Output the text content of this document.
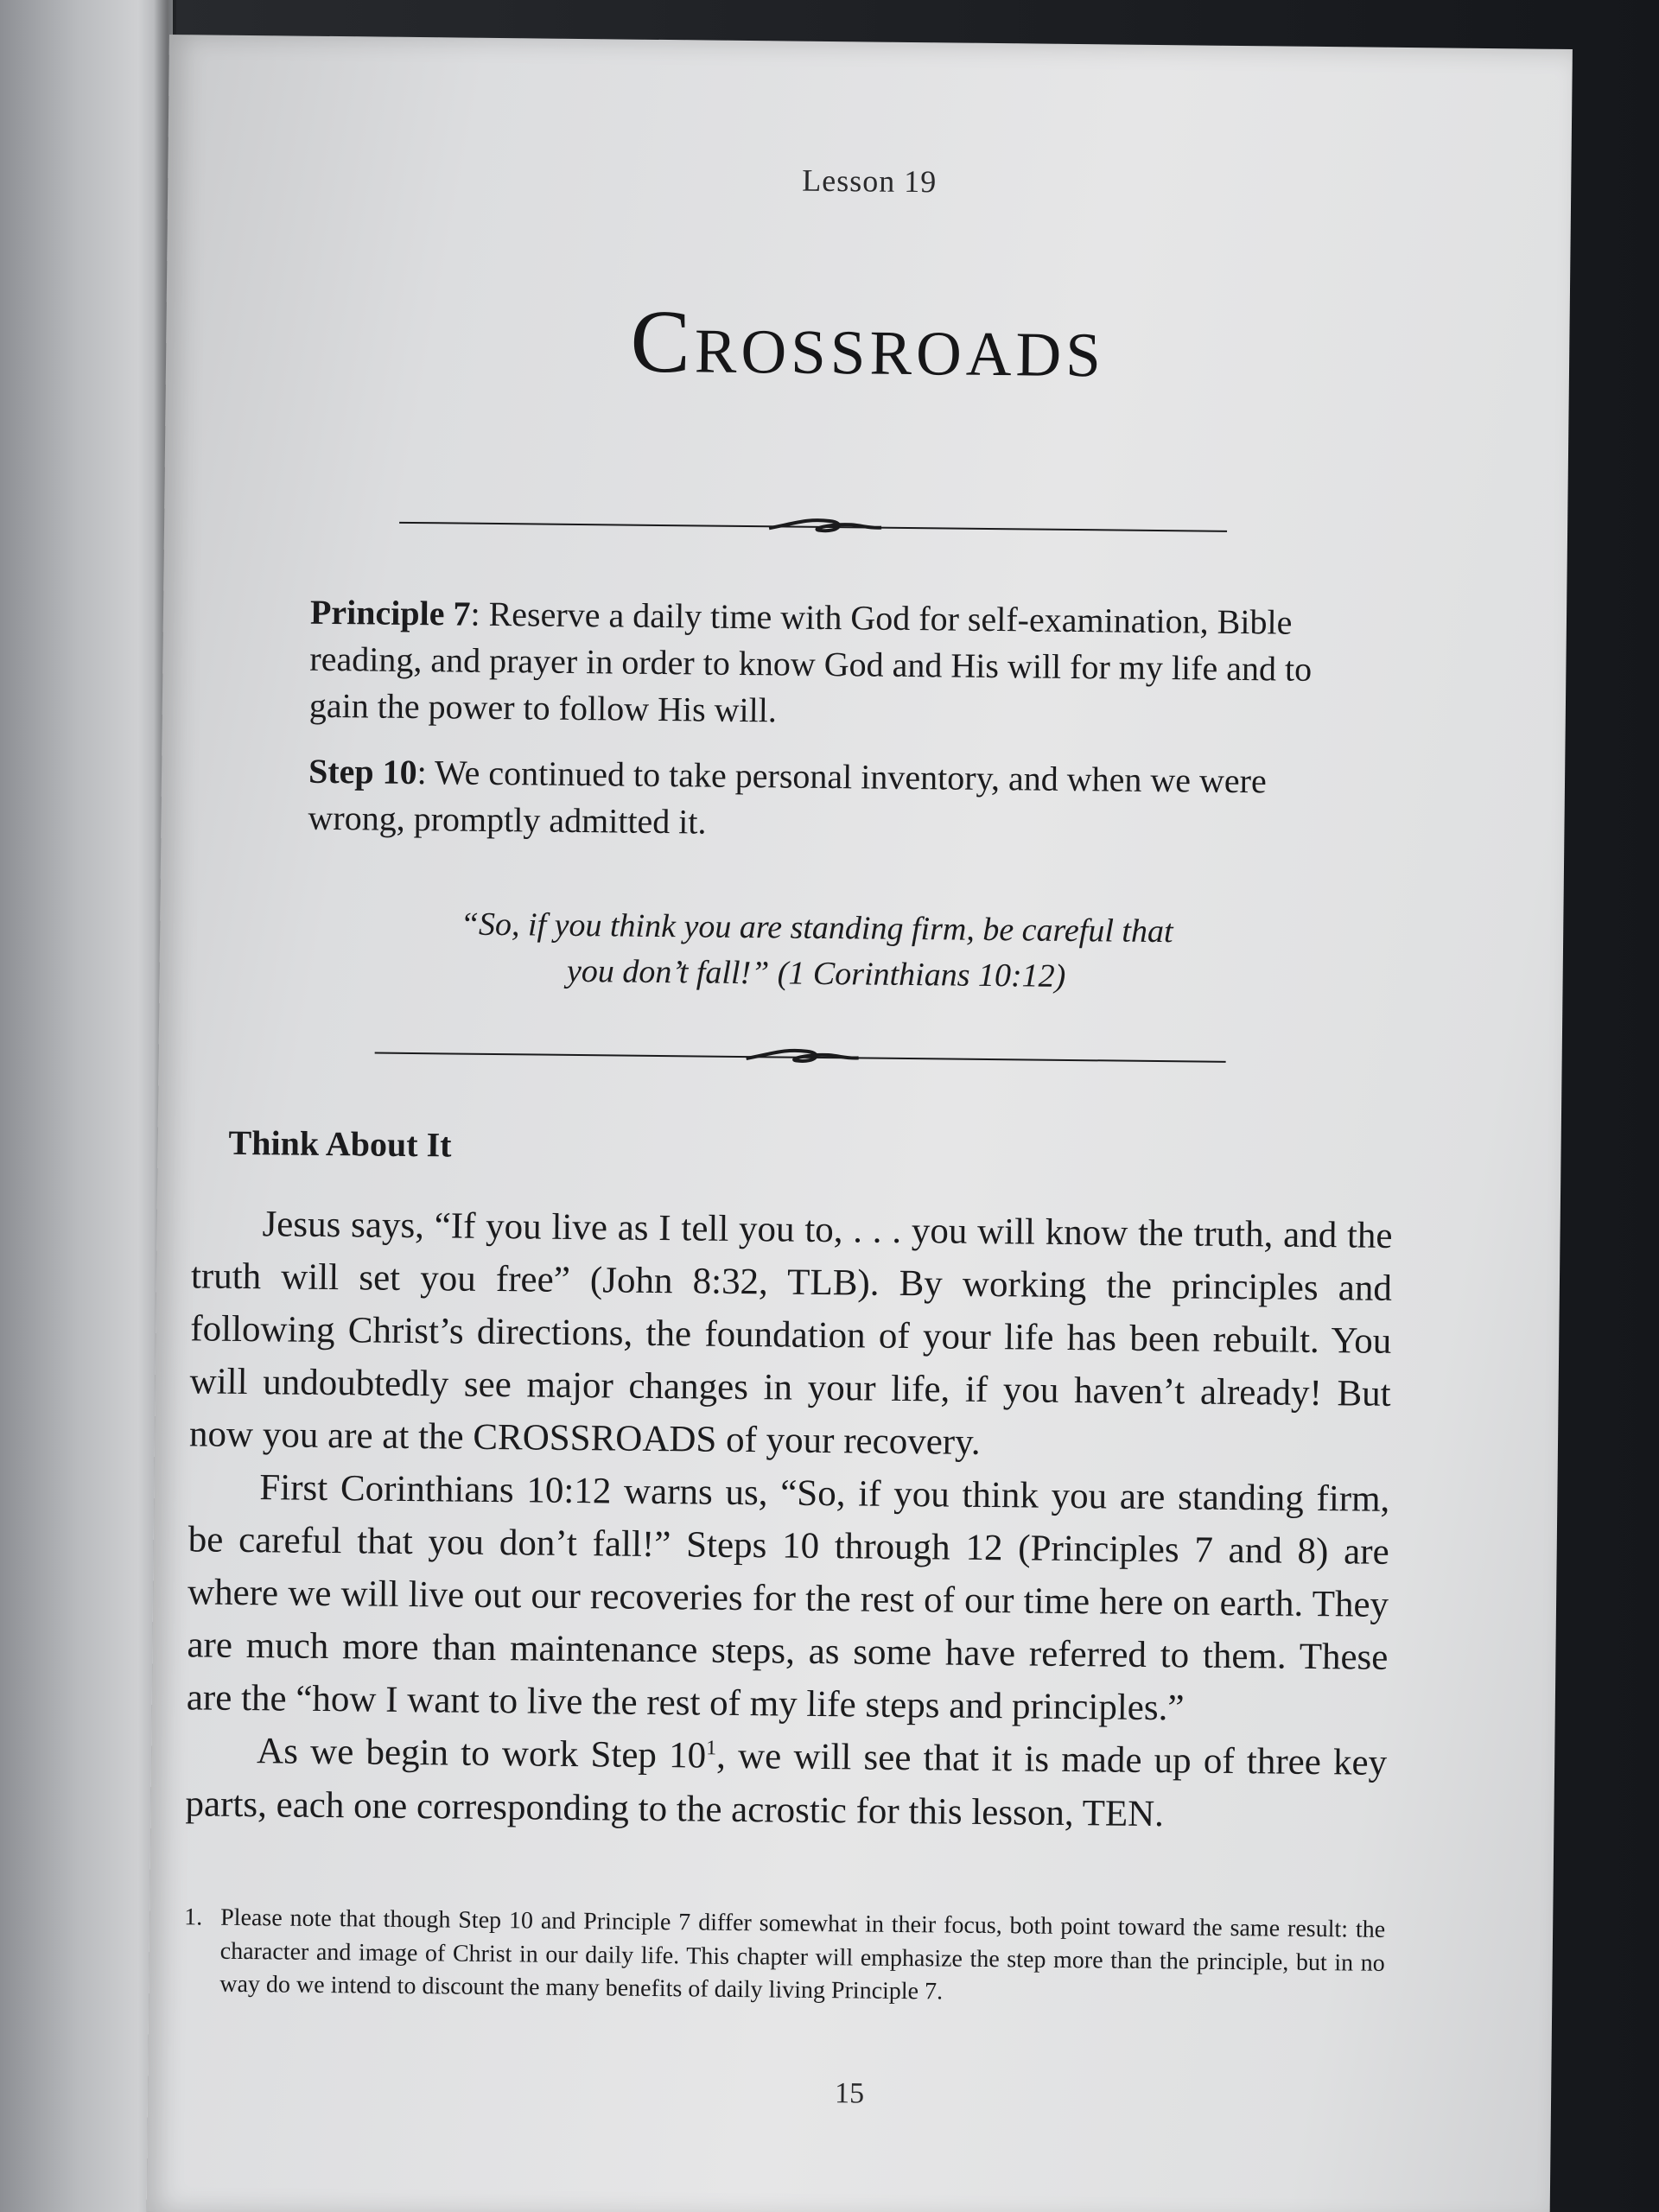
Lesson 19
Crossroads

Principle 7: Reserve a daily time with God for self-examination, Bible reading, and prayer in order to know God and His will for my life and to gain the power to follow His will.

Step 10: We continued to take personal inventory, and when we were wrong, promptly admitted it.

“So, if you think you are standing firm, be careful that
you don’t fall!” (1 Corinthians 10:12)
Think About It

Jesus says, “If you live as I tell you to, . . . you will know the truth, and the truth will set you free” (John 8:32, TLB). By working the principles and following Christ’s directions, the foundation of your life has been rebuilt. You will undoubtedly see major changes in your life, if you haven’t already! But now you are at the CROSSROADS of your recovery.

First Corinthians 10:12 warns us, “So, if you think you are standing firm, be careful that you don’t fall!” Steps 10 through 12 (Principles 7 and 8) are where we will live out our recoveries for the rest of our time here on earth. They are much more than maintenance steps, as some have referred to them. These are the “how I want to live the rest of my life steps and principles.”

As we begin to work Step $10^1$, we will see that it is made up of three key parts, each one corresponding to the acrostic for this lesson, TEN.

1. Please note that though Step 10 and Principle 7 differ somewhat in their focus, both point toward the same result: the character and image of Christ in our daily life. This chapter will emphasize the step more than the principle, but in no way do we intend to discount the many benefits of daily living Principle 7.
15
